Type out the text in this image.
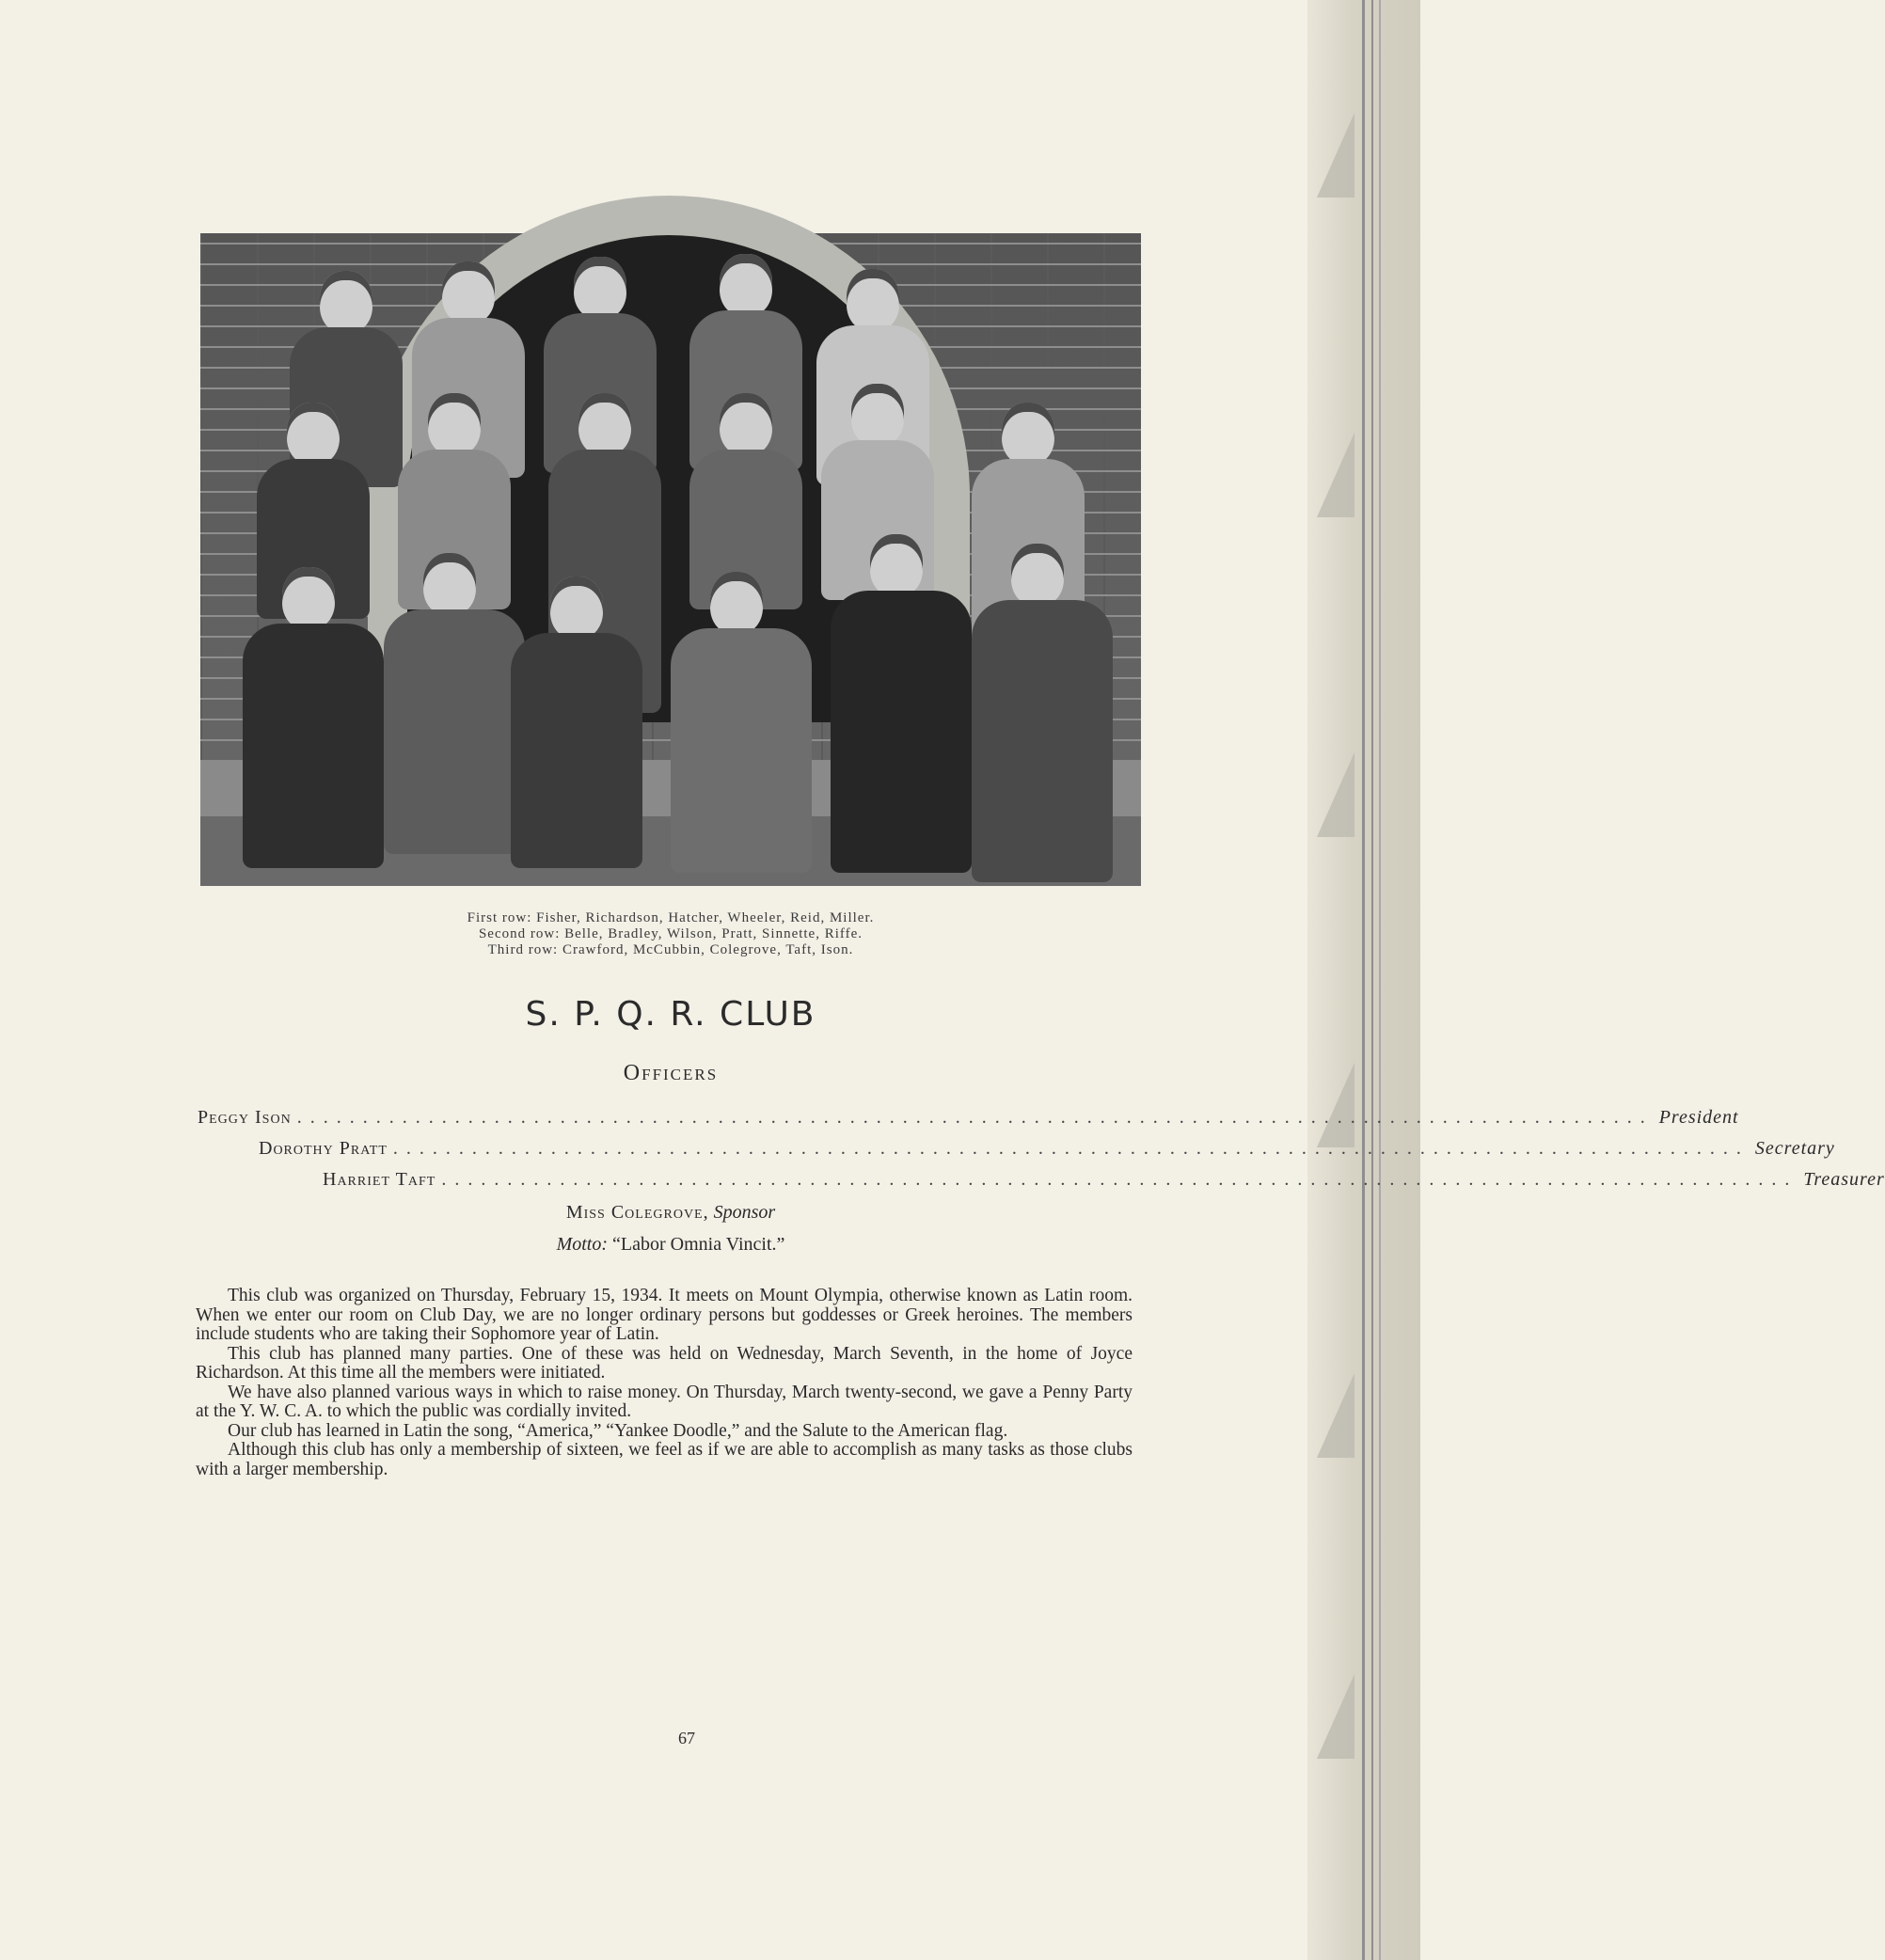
First row: Fisher, Richardson, Hatcher, Wheeler, Reid, Miller.
Second row: Belle, Bradley, Wilson, Pratt, Sinnette, Riffe.
Third row: Crawford, McCubbin, Colegrove, Taft, Ison.
S. P. Q. R. CLUB
Officers
Peggy Ison ....................................................................................................... President
Dorothy Pratt ....................................................................................................... Secretary
Harriet Taft ....................................................................................................... Treasurer
Miss Colegrove, Sponsor
Motto: “Labor Omnia Vincit.”

This club was organized on Thursday, February 15, 1934. It meets on Mount Olympia, otherwise known as Latin room. When we enter our room on Club Day, we are no longer ordinary persons but goddesses or Greek heroines. The members include students who are taking their Sophomore year of Latin.

This club has planned many parties. One of these was held on Wednesday, March Seventh, in the home of Joyce Richardson. At this time all the members were initiated.

We have also planned various ways in which to raise money. On Thursday, March twenty-second, we gave a Penny Party at the Y. W. C. A. to which the public was cordially invited.

Our club has learned in Latin the song, “America,” “Yankee Doodle,” and the Salute to the American flag.

Although this club has only a membership of sixteen, we feel as if we are able to accomplish as many tasks as those clubs with a larger membership.

67
